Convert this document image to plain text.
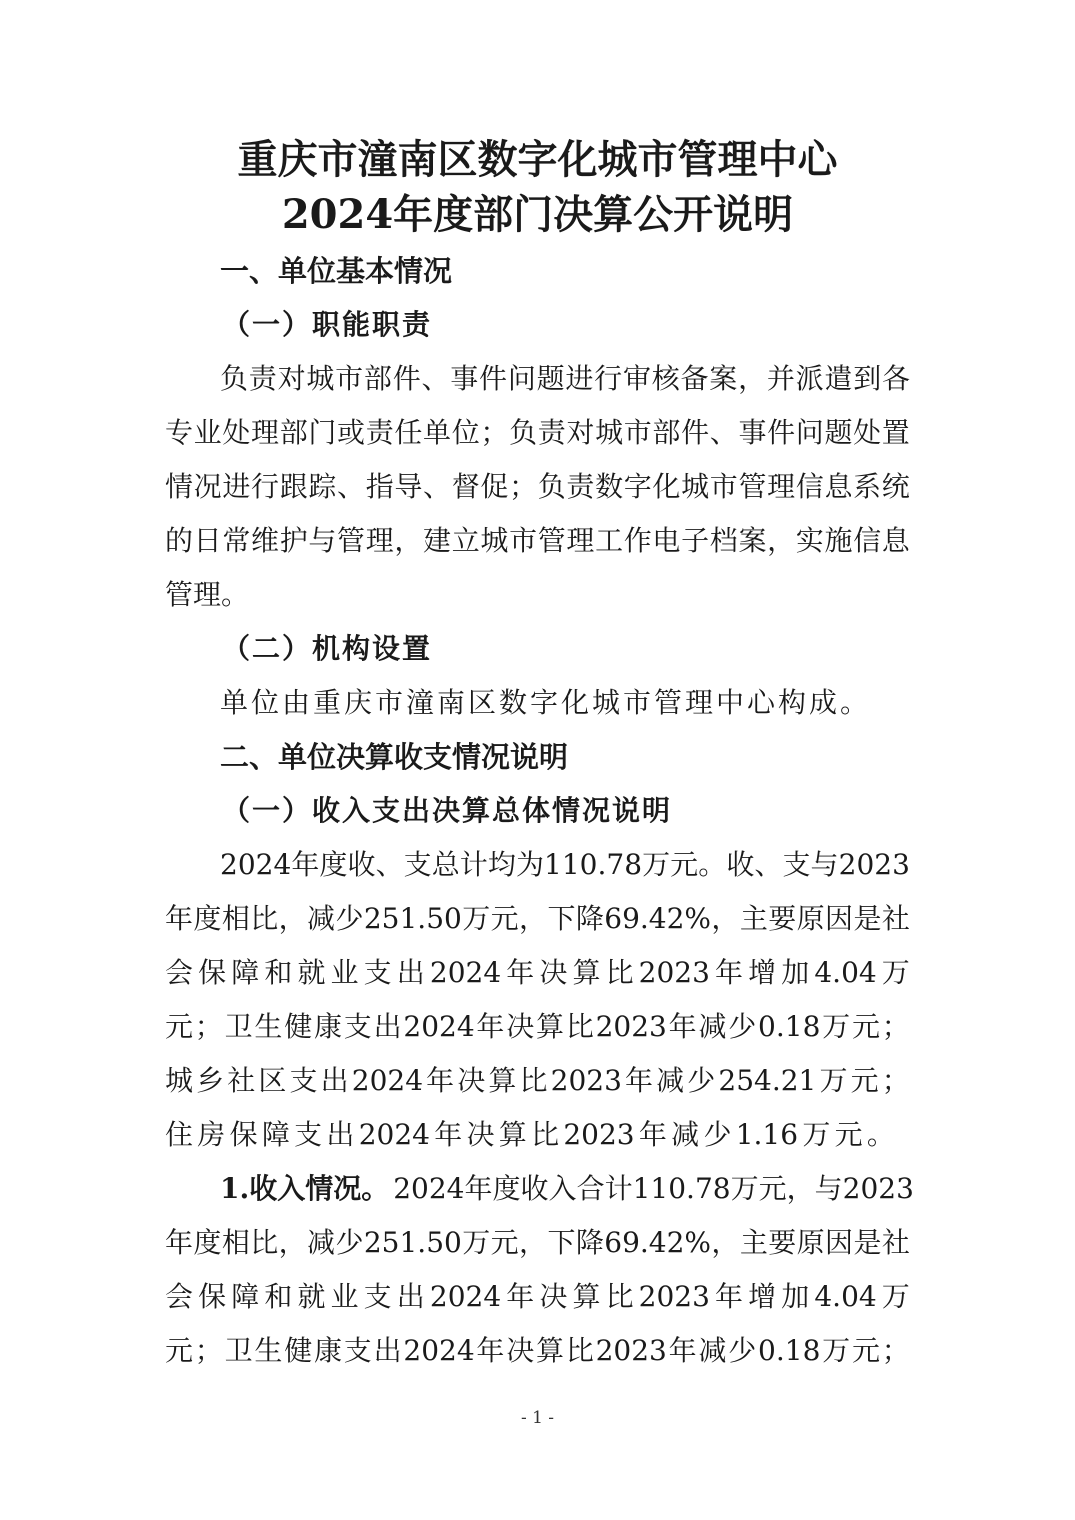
重庆市潼南区数字化城市管理中心
2024年度部门决算公开说明
一、单位基本情况
（一）职能职责
负 责 对 城 市 部 件 、 事 件 问 题 进 行 审 核 备 案 ， 并 派 遣 到 各
专 业 处 理 部 门 或 责 任 单 位 ； 负 责 对 城 市 部 件 、 事 件 问 题 处 置
情 况 进 行 跟 踪 、 指 导 、 督 促 ； 负 责 数 字 化 城 市 管 理 信 息 系 统
的 日 常 维 护 与 管 理 ， 建 立 城 市 管 理 工 作 电 子 档 案 ， 实 施 信 息
管理。
（二）机构设置
单位由重庆市潼南区数字化城市管理中心构成。
二、单位决算收支情况说明
（一）收入支出决算总体情况说明
2024 年 度 收 、 支 总 计 均 为 110.78 万 元 。 收 、 支 与 2023
年 度 相 比 ， 减 少 251.50 万 元 ， 下 降 69.42% ， 主 要 原 因 是 社
会 保 障 和 就 业 支 出 2024 年 决 算 比 2023 年 增 加 4.04 万
元 ； 卫 生 健 康 支 出 2024 年 决 算 比 2023 年 减 少 0.18 万 元 ；
城 乡 社 区 支 出 2024 年 决 算 比 2023 年 减 少 254.21 万 元 ；
住 房 保 障 支 出 2024 年 决 算 比 2023 年 减 少 1.16 万 元 。
1.收入情况。 2024 年 度 收 入 合 计 110.78 万 元 ， 与 2023
年 度 相 比 ， 减 少 251.50 万 元 ， 下 降 69.42% ， 主 要 原 因 是 社
会 保 障 和 就 业 支 出 2024 年 决 算 比 2023 年 增 加 4.04 万
元 ； 卫 生 健 康 支 出 2024 年 决 算 比 2023 年 减 少 0.18 万 元 ；
- 1 -
